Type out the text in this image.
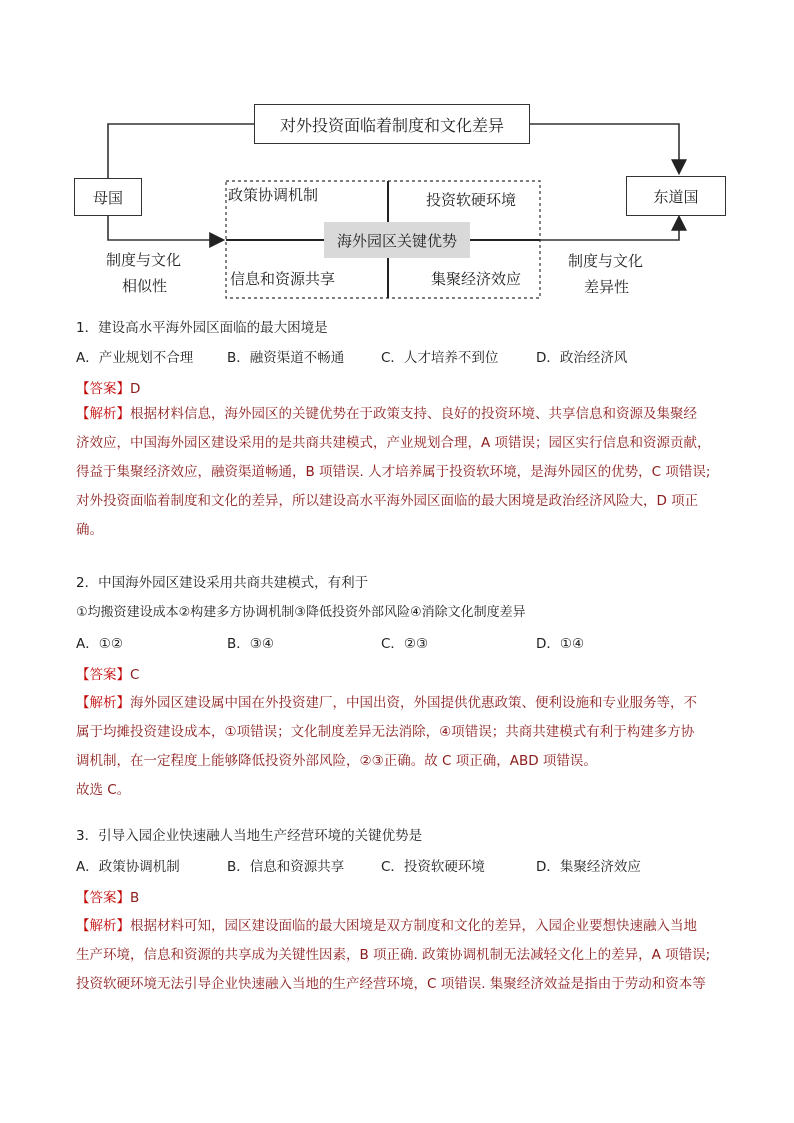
对外投资面临着制度和文化差异
母国	东道国
制度与文化
相似性
制度与文化
差异性
政策协调机制	投资软硬环境
信息和资源共享	集聚经济效应
海外园区关键优势
1．建设高水平海外园区面临的最大困境是
A．产业规划不合理	B．融资渠道不畅通	C．人才培养不到位	D．政治经济风
【答案】D
【解析】根据材料信息，海外园区的关键优势在于政策支持、良好的投资环境、共享信息和资源及集聚经
济效应，中国海外园区建设采用的是共商共建模式，产业规划合理，A 项错误；园区实行信息和资源贡献，
得益于集聚经济效应，融资渠道畅通，B 项错误. 人才培养属于投资软环境，是海外园区的优势，C 项错误;
对外投资面临着制度和文化的差异，所以建设高水平海外园区面临的最大困境是政治经济风险大，D 项正
确。
2．中国海外园区建设采用共商共建模式，有利于
①均搬资建设成本②构建多方协调机制③降低投资外部风险④消除文化制度差异
A．①②	B．③④	C．②③	D．①④
【答案】C
【解析】海外园区建设属中国在外投资建厂，中国出资，外国提供优惠政策、便利设施和专业服务等，不
属于均摊投资建设成本，①项错误；文化制度差异无法消除，④项错误；共商共建模式有利于构建多方协
调机制，在一定程度上能够降低投资外部风险，②③正确。故 C 项正确，ABD 项错误。
故选 C。
3．引导入园企业快速融人当地生产经营环境的关键优势是
A．政策协调机制	B．信息和资源共享	C．投资软硬环境	D．集聚经济效应
【答案】B
【解析】根据材料可知，园区建设面临的最大困境是双方制度和文化的差异，入园企业要想快速融入当地
生产环境，信息和资源的共享成为关键性因素，B 项正确. 政策协调机制无法减轻文化上的差异，A 项错误;
投资软硬环境无法引导企业快速融入当地的生产经营环境，C 项错误. 集聚经济效益是指由于劳动和资本等
